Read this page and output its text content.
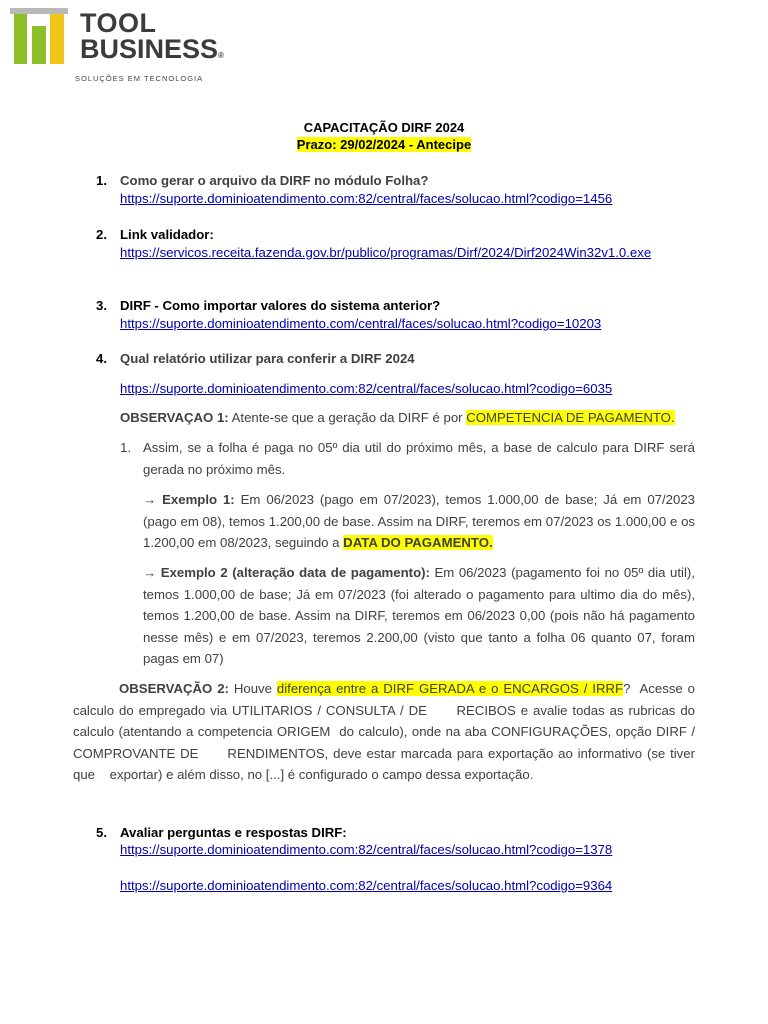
TOOL
BUSINESS®
SOLUÇÕES EM TECNOLOGIA
CAPACITAÇÃO DIRF 2024
Prazo: 29/02/2024 - Antecipe
1. Como gerar o arquivo da DIRF no módulo Folha?
https://suporte.dominioatendimento.com:82/central/faces/solucao.html?codigo=1456
2. Link validador:
https://servicos.receita.fazenda.gov.br/publico/programas/Dirf/2024/Dirf2024Win32v1.0.exe
3. DIRF - Como importar valores do sistema anterior?
https://suporte.dominioatendimento.com/central/faces/solucao.html?codigo=10203
4. Qual relatório utilizar para conferir a DIRF 2024
https://suporte.dominioatendimento.com:82/central/faces/solucao.html?codigo=6035
OBSERVAÇAO 1: Atente-se que a geração da DIRF é por COMPETENCIA DE PAGAMENTO.
1. Assim, se a folha é paga no 05º dia util do próximo mês, a base de calculo para DIRF será gerada no próximo mês.
→ Exemplo 1: Em 06/2023 (pago em 07/2023), temos 1.000,00 de base; Já em 07/2023 (pago em 08), temos 1.200,00 de base. Assim na DIRF, teremos em 07/2023 os 1.000,00 e os 1.200,00 em 08/2023, seguindo a DATA DO PAGAMENTO.
→ Exemplo 2 (alteração data de pagamento): Em 06/2023 (pagamento foi no 05º dia util), temos 1.000,00 de base; Já em 07/2023 (foi alterado o pagamento para ultimo dia do mês), temos 1.200,00 de base. Assim na DIRF, teremos em 06/2023 0,00 (pois não há pagamento nesse mês) e em 07/2023, teremos 2.200,00 (visto que tanto a folha 06 quanto 07, foram pagas em 07)
OBSERVAÇÃO 2: Houve diferença entre a DIRF GERADA e o ENCARGOS / IRRF?  Acesse o calculo do empregado via UTILITARIOS / CONSULTA / DE      RECIBOS e avalie todas as rubricas do calculo (atentando a competencia ORIGEM  do calculo), onde na aba CONFIGURAÇÕES, opção DIRF / COMPROVANTE DE      RENDIMENTOS, deve estar marcada para exportação ao informativo (se tiver que    exportar) e além disso, no [...] é configurado o campo dessa exportação.
5. Avaliar perguntas e respostas DIRF:
https://suporte.dominioatendimento.com:82/central/faces/solucao.html?codigo=1378
https://suporte.dominioatendimento.com:82/central/faces/solucao.html?codigo=9364
